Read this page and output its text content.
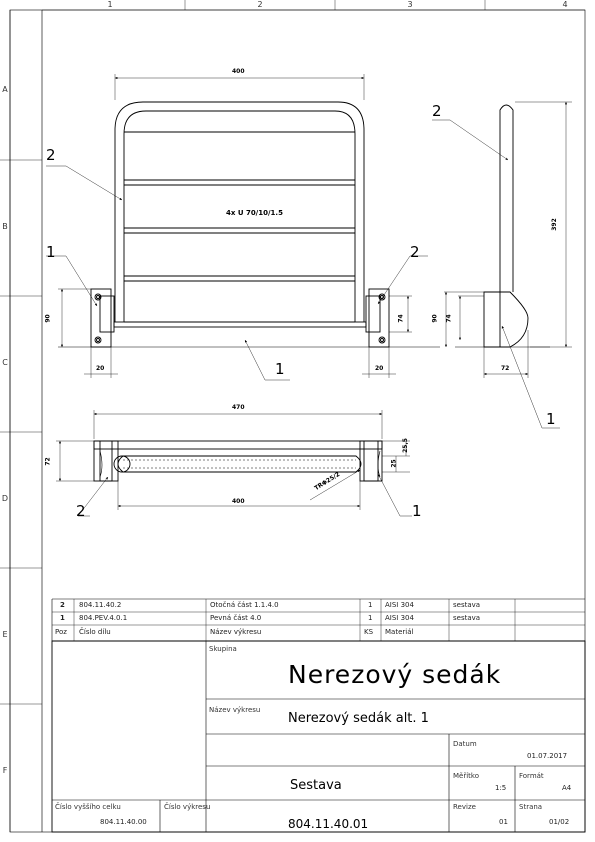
1	2	3	4
A
B
C
D
E
F
400
90	74
20	20
392
90 74
72
470
72
25,5
25
400
TRΦ25/2
4x U 70/10/1.5
1
2
2
1
2
1
2	1
2 804.11.40.2	Otočná část 1.1.4.0	1 AISI 304	sestava
1 804.PEV.4.0.1	Pevná část 4.0	1 AISI 304	sestava
Poz Číslo dílu	Název výkresu	KS Materiál
Skupina
Nerezový sedák
Název výkresu
Nerezový sedák alt. 1
Datum
01.07.2017
Sestava
Měřítko
1:5
Formát
A4
Číslo vyššího celku
804.11.40.00
Číslo výkresu
804.11.40.01
Revize
01
Strana
01/02
